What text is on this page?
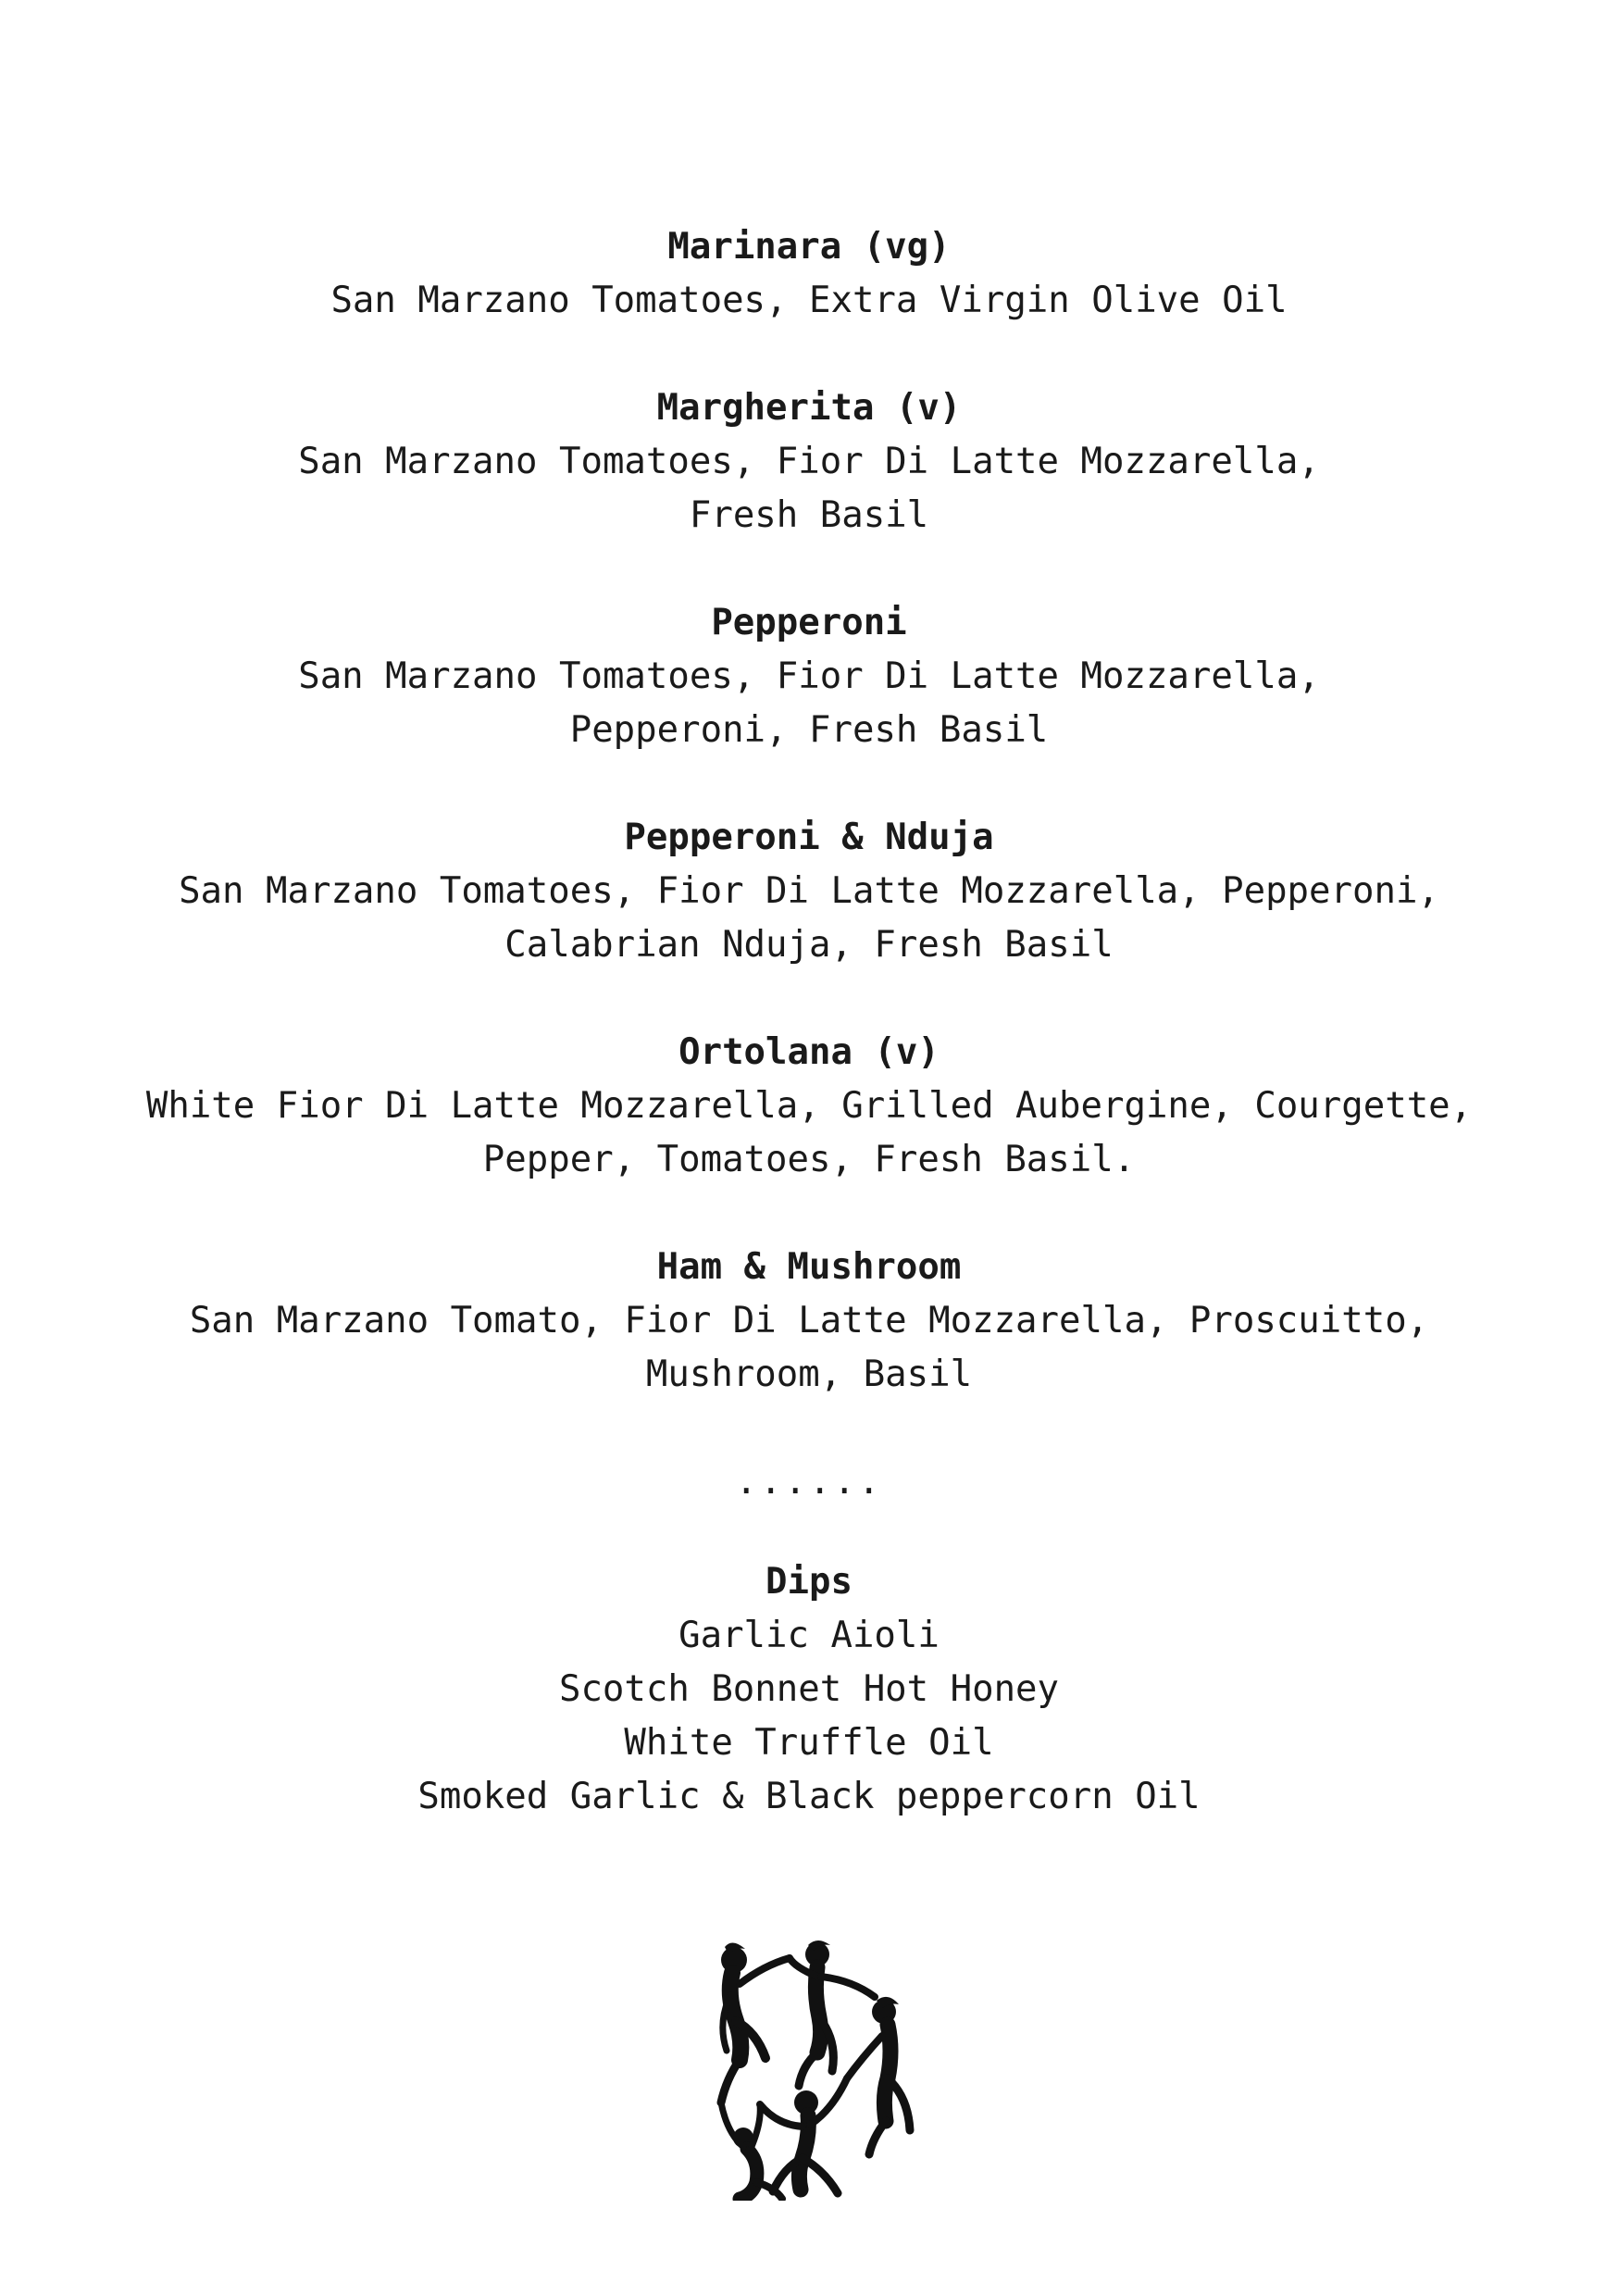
Marinara (vg)

San Marzano Tomatoes, Extra Virgin Olive Oil

Margherita (v)

San Marzano Tomatoes, Fior Di Latte Mozzarella,

Fresh Basil

Pepperoni

San Marzano Tomatoes, Fior Di Latte Mozzarella,

Pepperoni, Fresh Basil

Pepperoni & Nduja

San Marzano Tomatoes, Fior Di Latte Mozzarella, Pepperoni,

Calabrian Nduja, Fresh Basil

Ortolana (v)

White Fior Di Latte Mozzarella, Grilled Aubergine, Courgette,

Pepper, Tomatoes, Fresh Basil.

Ham & Mushroom

San Marzano Tomato, Fior Di Latte Mozzarella, Proscuitto,

Mushroom, Basil

......

Dips

Garlic Aioli

Scotch Bonnet Hot Honey

White Truffle Oil

Smoked Garlic & Black peppercorn Oil
